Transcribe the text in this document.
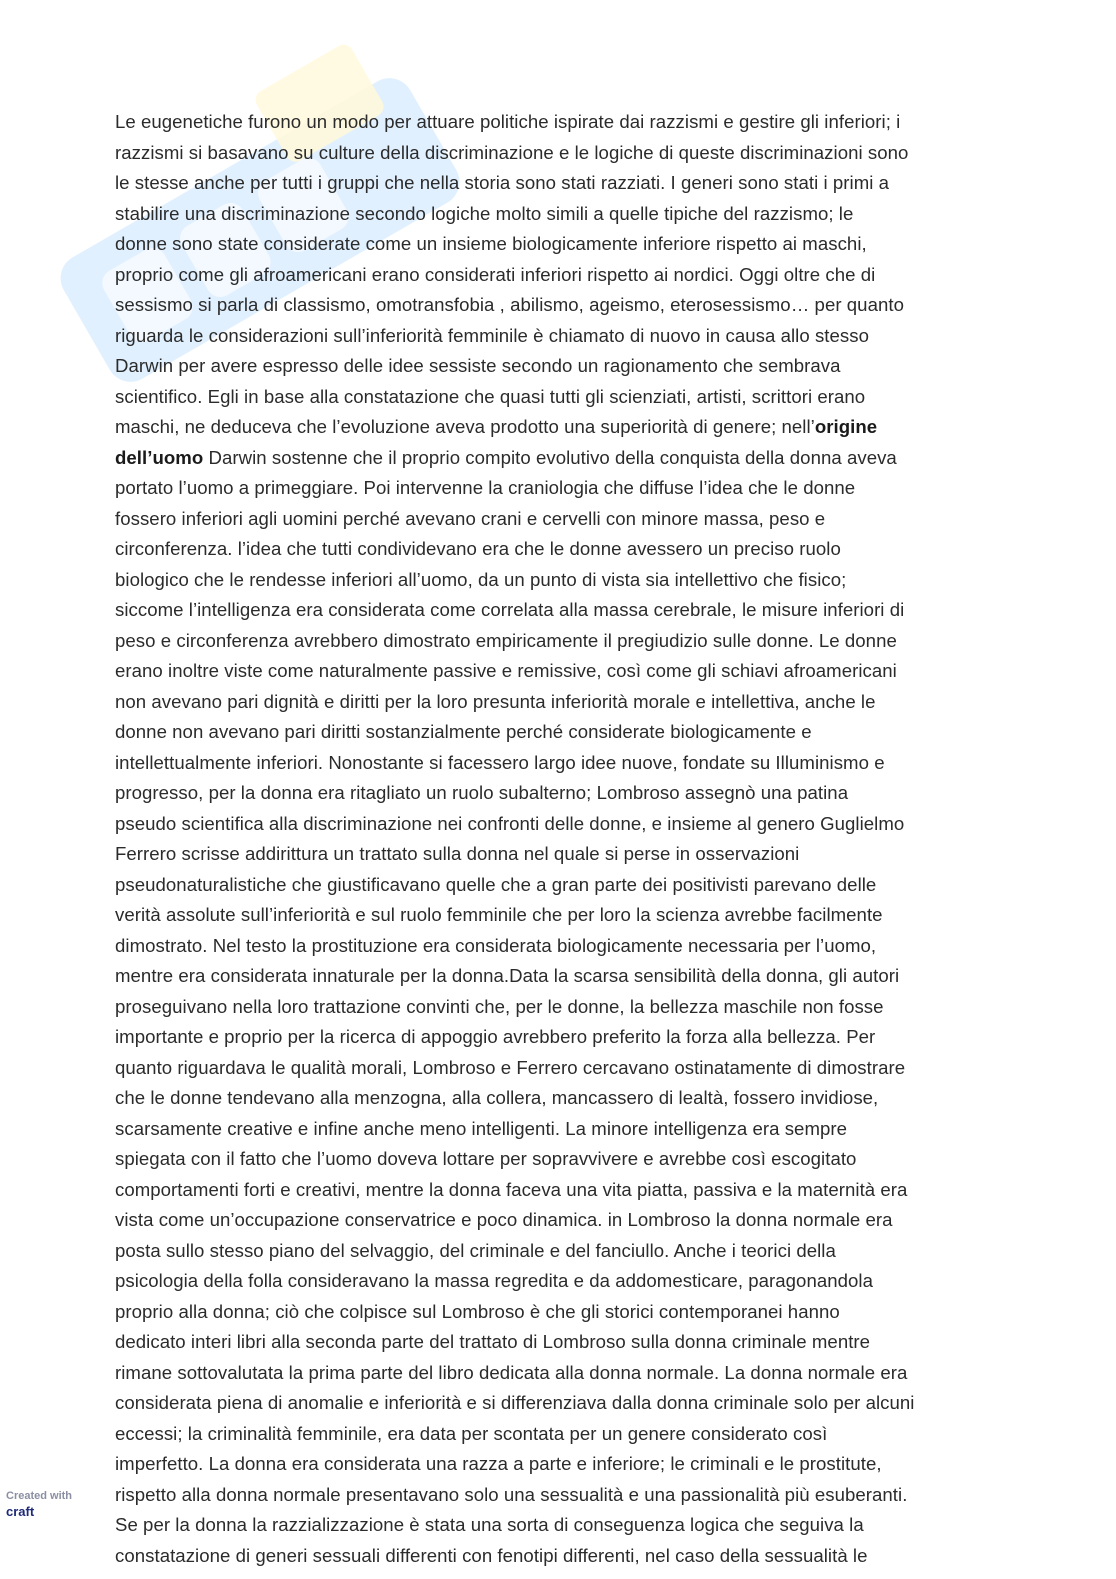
Le eugenetiche furono un modo per attuare politiche ispirate dai razzismi e gestire gli inferiori; i
razzismi si basavano su culture della discriminazione e le logiche di queste discriminazioni sono
le stesse anche per tutti i gruppi che nella storia sono stati razziati. I generi sono stati i primi a
stabilire una discriminazione secondo logiche molto simili a quelle tipiche del razzismo; le
donne sono state considerate come un insieme biologicamente inferiore rispetto ai maschi,
proprio come gli afroamericani erano considerati inferiori rispetto ai nordici. Oggi oltre che di
sessismo si parla di classismo, omotransfobia , abilismo, ageismo, eterosessismo… per quanto
riguarda le considerazioni sull’inferiorità femminile è chiamato di nuovo in causa allo stesso
Darwin per avere espresso delle idee sessiste secondo un ragionamento che sembrava
scientifico. Egli in base alla constatazione che quasi tutti gli scienziati, artisti, scrittori erano
maschi, ne deduceva che l’evoluzione aveva prodotto una superiorità di genere; nell’origine
dell’uomo Darwin sostenne che il proprio compito evolutivo della conquista della donna aveva
portato l’uomo a primeggiare. Poi intervenne la craniologia che diffuse l’idea che le donne
fossero inferiori agli uomini perché avevano crani e cervelli con minore massa, peso e
circonferenza. l’idea che tutti condividevano era che le donne avessero un preciso ruolo
biologico che le rendesse inferiori all’uomo, da un punto di vista sia intellettivo che fisico;
siccome l’intelligenza era considerata come correlata alla massa cerebrale, le misure inferiori di
peso e circonferenza avrebbero dimostrato empiricamente il pregiudizio sulle donne. Le donne
erano inoltre viste come naturalmente passive e remissive, così come gli schiavi afroamericani
non avevano pari dignità e diritti per la loro presunta inferiorità morale e intellettiva, anche le
donne non avevano pari diritti sostanzialmente perché considerate biologicamente e
intellettualmente inferiori. Nonostante si facessero largo idee nuove, fondate su Illuminismo e
progresso, per la donna era ritagliato un ruolo subalterno; Lombroso assegnò una patina
pseudo scientifica alla discriminazione nei confronti delle donne, e insieme al genero Guglielmo
Ferrero scrisse addirittura un trattato sulla donna nel quale si perse in osservazioni
pseudonaturalistiche che giustificavano quelle che a gran parte dei positivisti parevano delle
verità assolute sull’inferiorità e sul ruolo femminile che per loro la scienza avrebbe facilmente
dimostrato. Nel testo la prostituzione era considerata biologicamente necessaria per l’uomo,
mentre era considerata innaturale per la donna.Data la scarsa sensibilità della donna, gli autori
proseguivano nella loro trattazione convinti che, per le donne, la bellezza maschile non fosse
importante e proprio per la ricerca di appoggio avrebbero preferito la forza alla bellezza. Per
quanto riguardava le qualità morali, Lombroso e Ferrero cercavano ostinatamente di dimostrare
che le donne tendevano alla menzogna, alla collera, mancassero di lealtà, fossero invidiose,
scarsamente creative e infine anche meno intelligenti. La minore intelligenza era sempre
spiegata con il fatto che l’uomo doveva lottare per sopravvivere e avrebbe così escogitato
comportamenti forti e creativi, mentre la donna faceva una vita piatta, passiva e la maternità era
vista come un’occupazione conservatrice e poco dinamica. in Lombroso la donna normale era
posta sullo stesso piano del selvaggio, del criminale e del fanciullo. Anche i teorici della
psicologia della folla consideravano la massa regredita e da addomesticare, paragonandola
proprio alla donna; ciò che colpisce sul Lombroso è che gli storici contemporanei hanno
dedicato interi libri alla seconda parte del trattato di Lombroso sulla donna criminale mentre
rimane sottovalutata la prima parte del libro dedicata alla donna normale. La donna normale era
considerata piena di anomalie e inferiorità e si differenziava dalla donna criminale solo per alcuni
eccessi; la criminalità femminile, era data per scontata per un genere considerato così
imperfetto. La donna era considerata una razza a parte e inferiore; le criminali e le prostitute,
rispetto alla donna normale presentavano solo una sessualità e una passionalità più esuberanti.
Se per la donna la razzializzazione è stata una sorta di conseguenza logica che seguiva la
constatazione di generi sessuali differenti con fenotipi differenti, nel caso della sessualità le
Created with
craft
